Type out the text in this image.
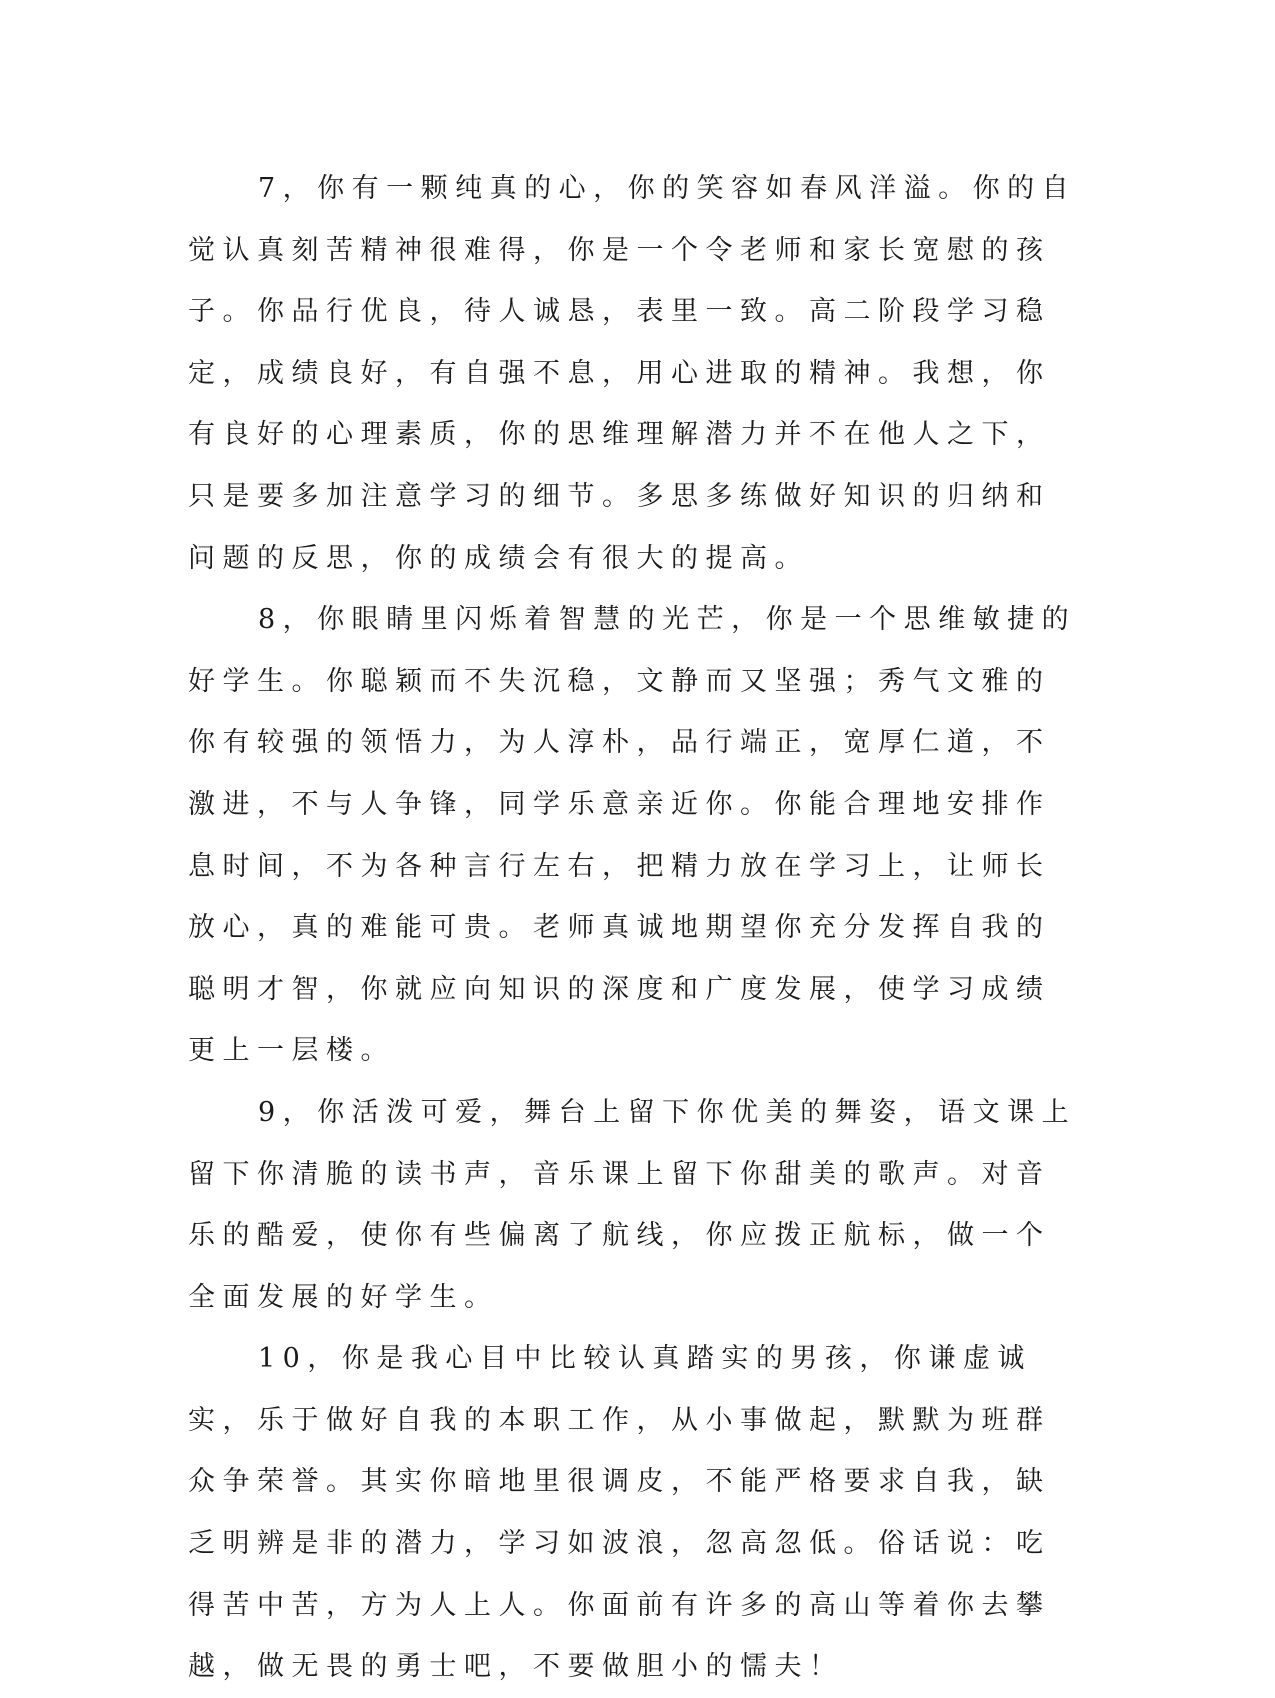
7，你有一颗纯真的心，你的笑容如春风洋溢。你的自觉认真刻苦精神很难得，你是一个令老师和家长宽慰的孩子。你品行优良，待人诚恳，表里一致。高二阶段学习稳定，成绩良好，有自强不息，用心进取的精神。我想，你有良好的心理素质，你的思维理解潜力并不在他人之下，只是要多加注意学习的细节。多思多练做好知识的归纳和问题的反思，你的成绩会有很大的提高。

8，你眼睛里闪烁着智慧的光芒，你是一个思维敏捷的好学生。你聪颖而不失沉稳，文静而又坚强；秀气文雅的你有较强的领悟力，为人淳朴，品行端正，宽厚仁道，不激进，不与人争锋，同学乐意亲近你。你能合理地安排作息时间，不为各种言行左右，把精力放在学习上，让师长放心，真的难能可贵。老师真诚地期望你充分发挥自我的聪明才智，你就应向知识的深度和广度发展，使学习成绩更上一层楼。

9，你活泼可爱，舞台上留下你优美的舞姿，语文课上留下你清脆的读书声，音乐课上留下你甜美的歌声。对音乐的酷爱，使你有些偏离了航线，你应拨正航标，做一个全面发展的好学生。

10，你是我心目中比较认真踏实的男孩，你谦虚诚实，乐于做好自我的本职工作，从小事做起，默默为班群众争荣誉。其实你暗地里很调皮，不能严格要求自我，缺乏明辨是非的潜力，学习如波浪，忽高忽低。俗话说：吃得苦中苦，方为人上人。你面前有许多的高山等着你去攀越，做无畏的勇士吧，不要做胆小的懦夫！
